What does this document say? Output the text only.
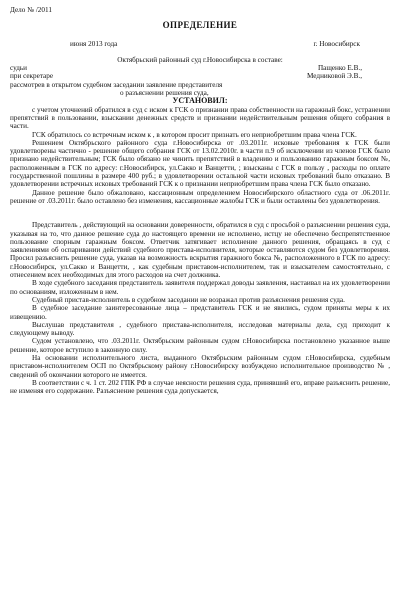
Дело № /2011
ОПРЕДЕЛЕНИЕ
июня 2013 года	г. Новосибирск
Октябрьский районный суд г.Новосибирска в составе:
судьи	Пащенко Е.В.,
при секретаре	Медниковой Э.В.,

рассмотрев в открытом судебном заседании заявление представителя

о разъяснении решения суда,

УСТАНОВИЛ:

с учетом уточнений обратился в суд с иском к ГСК о признании права собственности на гаражный бокс, устранении препятствий в пользовании, взыскании денежных средств и признании недействительным решения общего собрания в части.

ГСК обратилось со встречным иском к , в котором просит признать его неприобретшим права члена ГСК.

Решением Октябрьского районного суда г.Новосибирска от .03.2011г. исковые требования к ГСК были удовлетворены частично - решение общего собрания ГСК от 13.02.2010г. в части п.9 об исключении из членов ГСК было признано недействительным; ГСК было обязано не чинить препятствий в владению и пользованию гаражным боксом №, расположенным в ГСК по адресу: г.Новосибирск, ул.Сакко и Ванцетти, ; взысканы с ГСК в пользу , расходы по оплате государственной пошлины в размере 400 руб.; в удовлетворении остальной части исковых требований было отказано. В удовлетворении встречных исковых требований ГСК к о признании неприобретшим права члена ГСК было отказано.

Данное решение было обжаловано, кассационным определением Новосибирского областного суда от .06.2011г. решение от .03.2011г. было оставлено без изменения, кассационные жалобы ГСК и были оставлены без удовлетворения.

Представитель , действующий на основании доверенности, обратился в суд с просьбой о разъяснении решения суда, указывая на то, что данное решение суда до настоящего времени не исполнено, истцу не обеспечено беспрепятственное пользование спорным гаражным боксом. Ответчик затягивает исполнение данного решения, обращаясь в суд с заявлениями об оспаривании действий судебного пристава-исполнителя, которые оставляются судом без удовлетворения. Просил разъяснить решение суда, указав на возможность вскрытия гаражного бокса №, расположенного в ГСК по адресу: г.Новосибирск, ул.Сакко и Ванцетти, , как судебным приставом-исполнителем, так и взыскателем самостоятельно, с отнесением всех необходимых для этого расходов на счет должника.

В ходе судебного заседания представитель заявителя поддержал доводы заявления, настаивал на их удовлетворении по основаниям, изложенным в нем.

Судебный пристав-исполнитель в судебном заседании не возражал против разъяснения решения суда.

В судебное заседание заинтересованные лица – представитель ГСК и не явились, судом приняты меры к их извещению.

Выслушав представителя , судебного пристава-исполнителя, исследовав материалы дела, суд приходит к следующему выводу.

Судом установлено, что .03.2011г. Октябрьским районным судом г.Новосибирска постановлено указанное выше решение, которое вступило в законную силу.

На основании исполнительного листа, выданного Октябрьским районным судом г.Новосибирска, судебным приставом-исполнителем ОСП по Октябрьскому району г.Новосибирску возбуждено исполнительное производство № , сведений об окончании которого не имеется.

В соответствии с ч. 1 ст. 202 ГПК РФ в случае неясности решения суда, принявший его, вправе разъяснить решение, не изменяя его содержание. Разъяснение решения суда допускается,
